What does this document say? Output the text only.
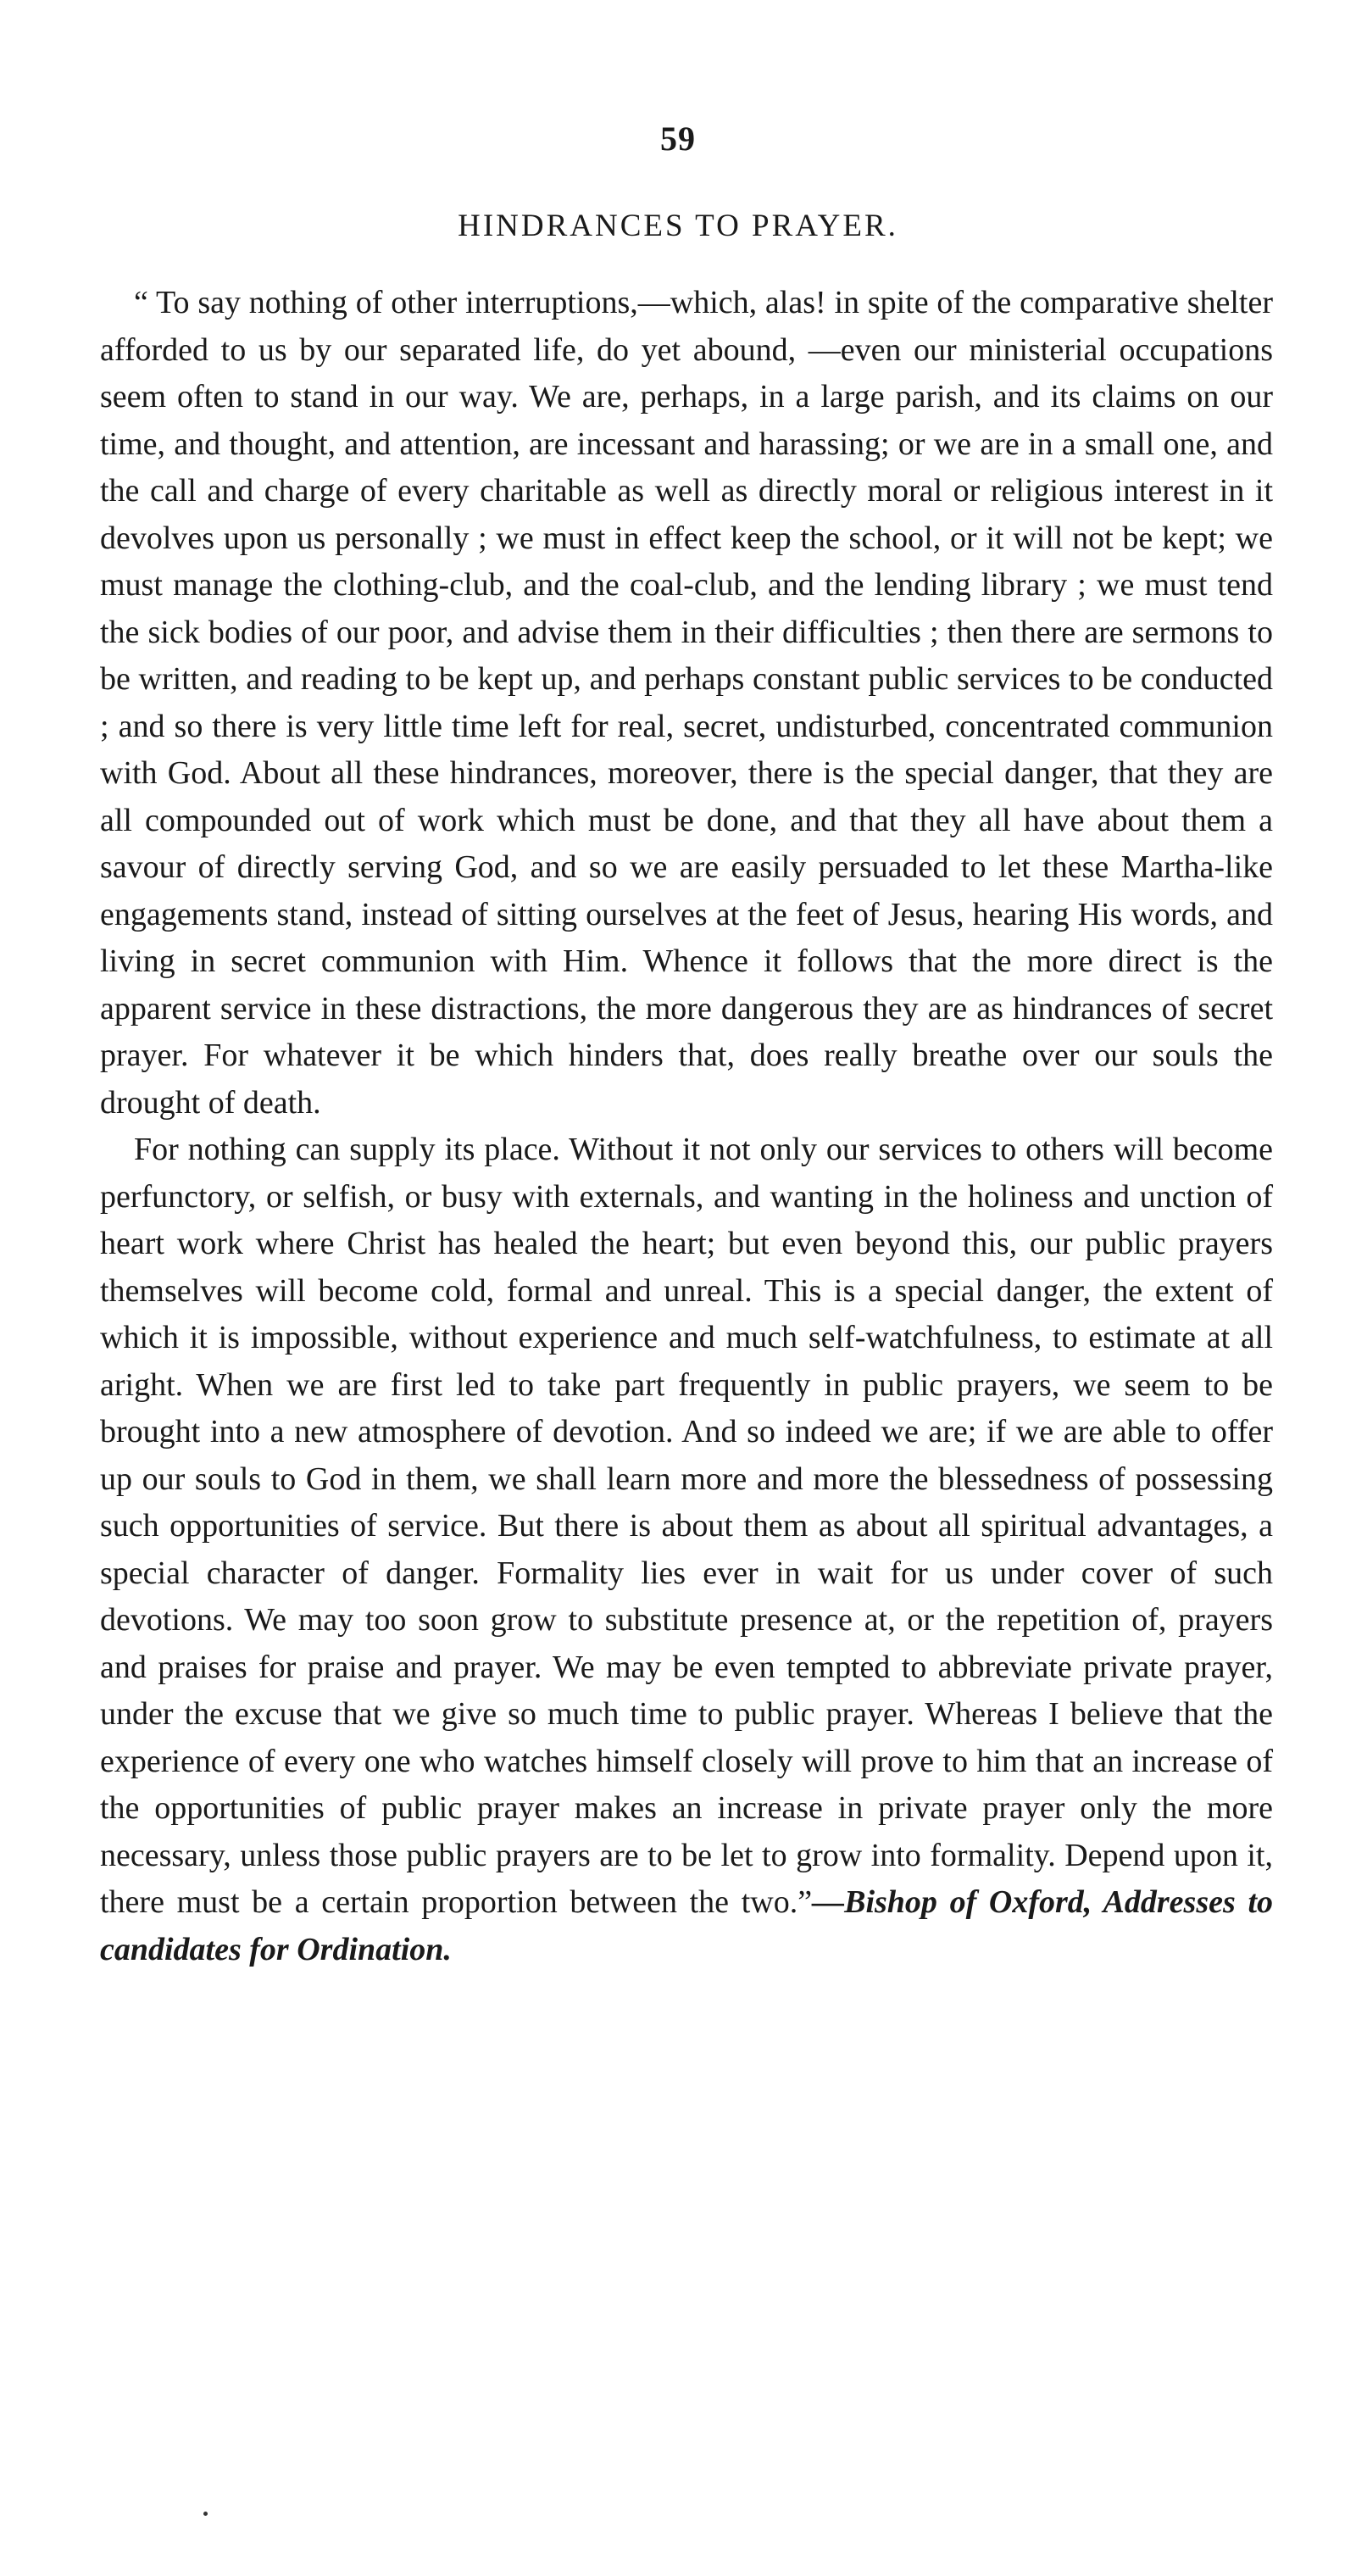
59
HINDRANCES TO PRAYER.

“ To say nothing of other interruptions,—which, alas! in spite of the comparative shelter afforded to us by our separated life, do yet abound, —even our ministerial occupations seem often to stand in our way. We are, perhaps, in a large parish, and its claims on our time, and thought, and attention, are incessant and harassing; or we are in a small one, and the call and charge of every charitable as well as directly moral or religious interest in it devolves upon us personally ; we must in effect keep the school, or it will not be kept; we must manage the clothing-club, and the coal-club, and the lending library ; we must tend the sick bodies of our poor, and advise them in their difficulties ; then there are sermons to be written, and reading to be kept up, and perhaps constant public services to be conducted ; and so there is very little time left for real, secret, undisturbed, concentrated communion with God. About all these hindrances, moreover, there is the special danger, that they are all compounded out of work which must be done, and that they all have about them a savour of directly serving God, and so we are easily persuaded to let these Martha-like engagements stand, instead of sitting ourselves at the feet of Jesus, hearing His words, and living in secret communion with Him. Whence it follows that the more direct is the apparent service in these distractions, the more dangerous they are as hindrances of secret prayer. For whatever it be which hinders that, does really breathe over our souls the drought of death.

For nothing can supply its place. Without it not only our services to others will become perfunctory, or selfish, or busy with externals, and wanting in the holiness and unction of heart work where Christ has healed the heart; but even beyond this, our public prayers themselves will become cold, formal and unreal. This is a special danger, the extent of which it is impossible, without experience and much self-watchfulness, to estimate at all aright. When we are first led to take part frequently in public prayers, we seem to be brought into a new atmosphere of devotion. And so indeed we are; if we are able to offer up our souls to God in them, we shall learn more and more the blessedness of possessing such opportunities of service. But there is about them as about all spiritual advantages, a special character of danger. Formality lies ever in wait for us under cover of such devotions. We may too soon grow to substitute presence at, or the repetition of, prayers and praises for praise and prayer. We may be even tempted to abbreviate private prayer, under the excuse that we give so much time to public prayer. Whereas I believe that the experience of every one who watches himself closely will prove to him that an increase of the opportunities of public prayer makes an increase in private prayer only the more necessary, unless those public prayers are to be let to grow into formality. Depend upon it, there must be a certain proportion between the two.”—Bishop of Oxford, Addresses to candidates for Ordination.
